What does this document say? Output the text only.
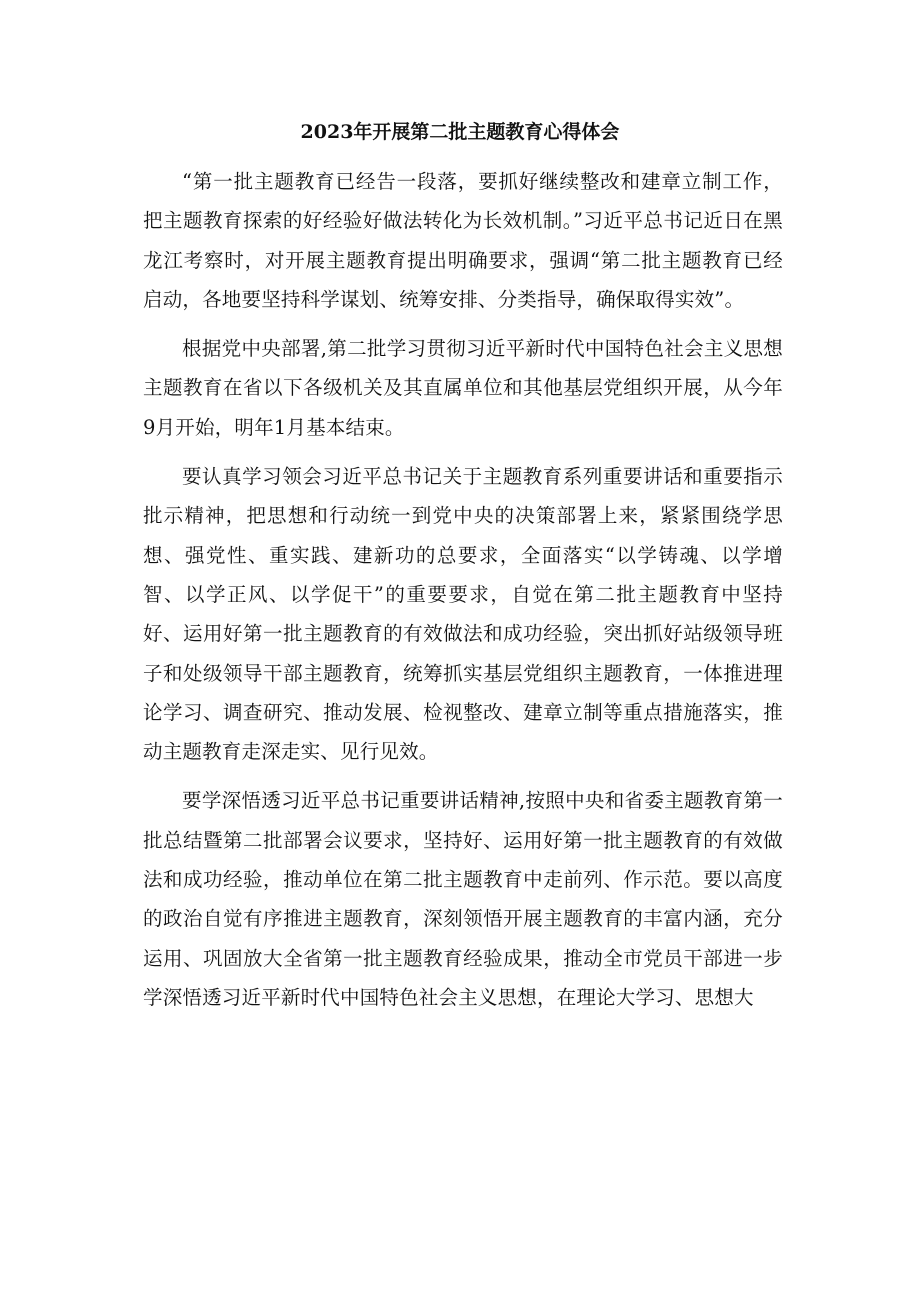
2023年开展第二批主题教育心得体会

“第一批主题教育已经告一段落，要抓好继续整改和建章立制工作，把主题教育探索的好经验好做法转化为长效机制。”习近平总书记近日在黑龙江考察时，对开展主题教育提出明确要求，强调“第二批主题教育已经启动，各地要坚持科学谋划、统筹安排、分类指导，确保取得实效”。

根据党中央部署,第二批学习贯彻习近平新时代中国特色社会主义思想主题教育在省以下各级机关及其直属单位和其他基层党组织开展，从今年9月开始，明年1月基本结束。

要认真学习领会习近平总书记关于主题教育系列重要讲话和重要指示批示精神，把思想和行动统一到党中央的决策部署上来，紧紧围绕学思想、强党性、重实践、建新功的总要求，全面落实“以学铸魂、以学增智、以学正风、以学促干”的重要要求，自觉在第二批主题教育中坚持好、运用好第一批主题教育的有效做法和成功经验，突出抓好站级领导班子和处级领导干部主题教育，统筹抓实基层党组织主题教育，一体推进理论学习、调查研究、推动发展、检视整改、建章立制等重点措施落实，推动主题教育走深走实、见行见效。

要学深悟透习近平总书记重要讲话精神,按照中央和省委主题教育第一批总结暨第二批部署会议要求，坚持好、运用好第一批主题教育的有效做法和成功经验，推动单位在第二批主题教育中走前列、作示范。要以高度的政治自觉有序推进主题教育，深刻领悟开展主题教育的丰富内涵，充分运用、巩固放大全省第一批主题教育经验成果，推动全市党员干部进一步学深悟透习近平新时代中国特色社会主义思想，在理论大学习、思想大
